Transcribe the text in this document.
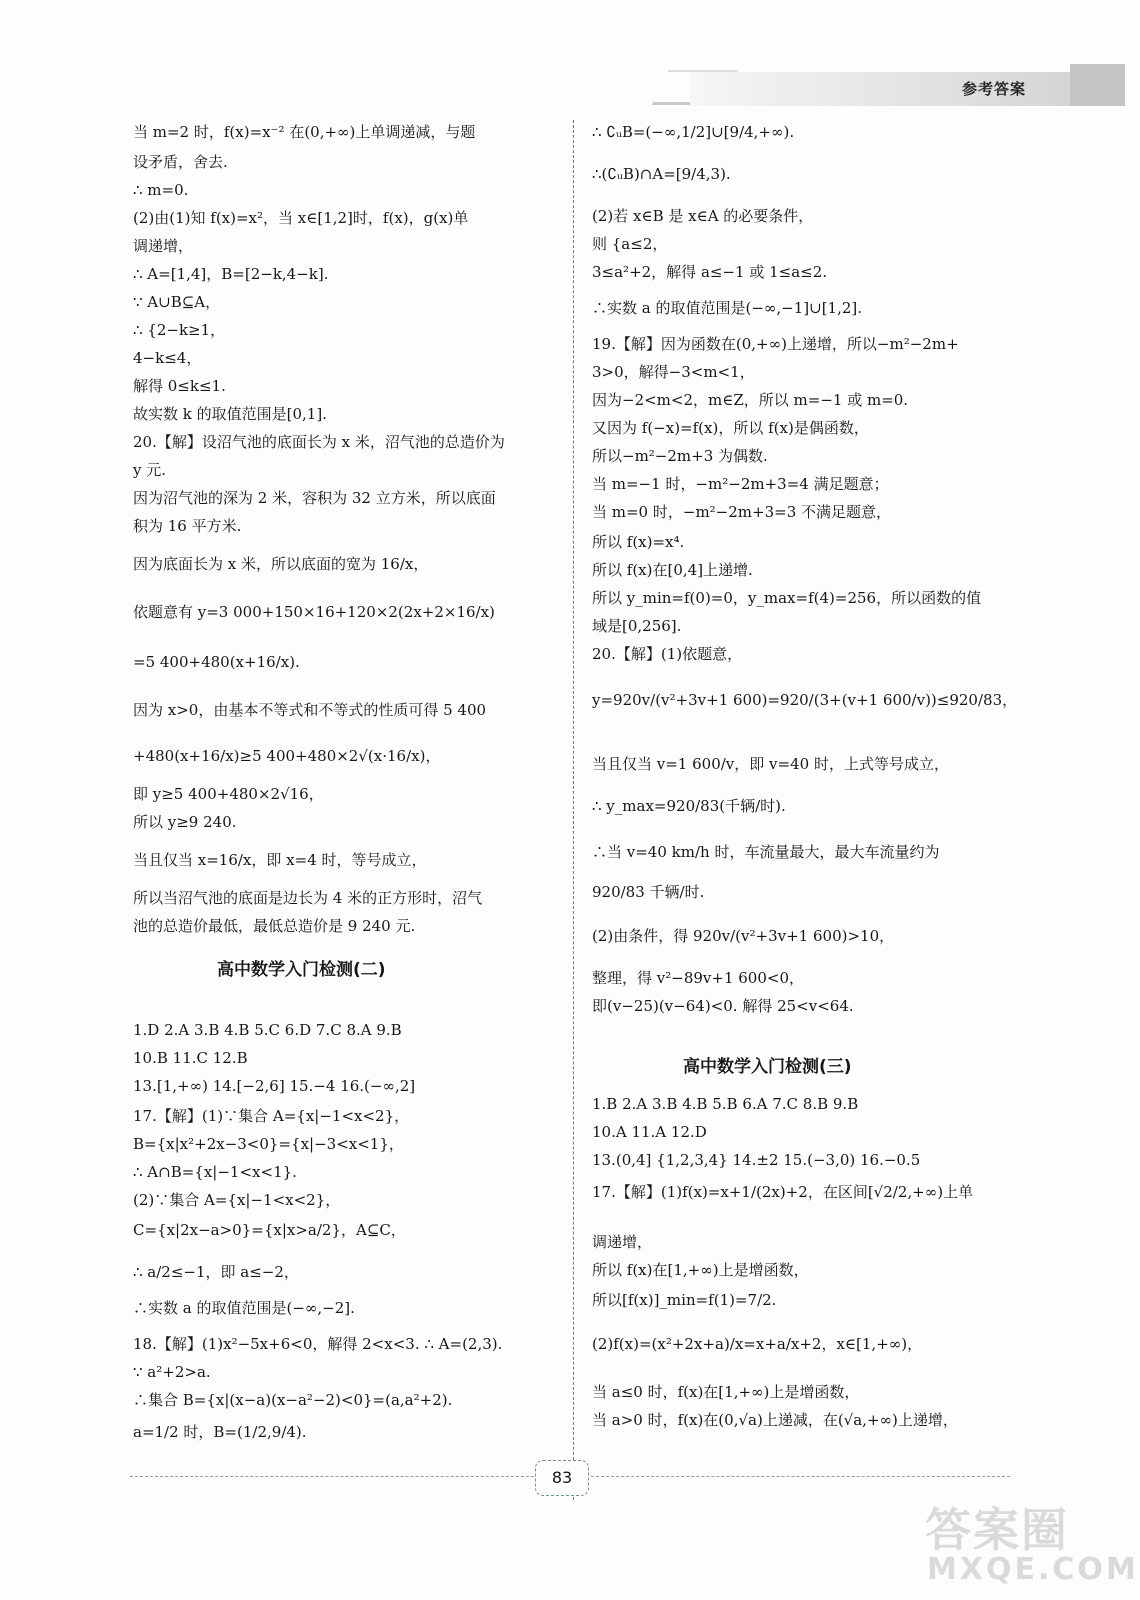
参考答案
当 m=2 时，f(x)=x⁻² 在(0,+∞)上单调递减，与题
设矛盾，舍去.
∴ m=0.
(2)由(1)知 f(x)=x²，当 x∈[1,2]时，f(x)，g(x)单
调递增，
∴ A=[1,4]，B=[2−k,4−k].
∵ A∪B⊆A，
∴ {2−k≥1，
4−k≤4，
解得 0≤k≤1.
故实数 k 的取值范围是[0,1].
20.【解】设沼气池的底面长为 x 米，沼气池的总造价为
y 元.
因为沼气池的深为 2 米，容积为 32 立方米，所以底面
积为 16 平方米.
因为底面长为 x 米，所以底面的宽为 16/x，
依题意有 y=3 000+150×16+120×2(2x+2×16/x)
=5 400+480(x+16/x).
因为 x>0，由基本不等式和不等式的性质可得 5 400
+480(x+16/x)≥5 400+480×2√(x·16/x)，
即 y≥5 400+480×2√16，
所以 y≥9 240.
当且仅当 x=16/x，即 x=4 时，等号成立，
所以当沼气池的底面是边长为 4 米的正方形时，沼气
池的总造价最低，最低总造价是 9 240 元.
1.D 2.A 3.B 4.B 5.C 6.D 7.C 8.A 9.B
10.B 11.C 12.B
13.[1,+∞) 14.[−2,6] 15.−4 16.(−∞,2]
17.【解】(1)∵集合 A={x|−1<x<2}，
B={x|x²+2x−3<0}={x|−3<x<1}，
∴ A∩B={x|−1<x<1}.
(2)∵集合 A={x|−1<x<2}，
C={x|2x−a>0}={x|x>a/2}，A⊆C，
∴ a/2≤−1，即 a≤−2，
∴实数 a 的取值范围是(−∞,−2].
18.【解】(1)x²−5x+6<0，解得 2<x<3. ∴ A=(2,3).
∵ a²+2>a.
∴集合 B={x|(x−a)(x−a²−2)<0}=(a,a²+2).
a=1/2 时，B=(1/2,9/4).
∴ ∁ᵤB=(−∞,1/2]∪[9/4,+∞).
∴(∁ᵤB)∩A=[9/4,3).
(2)若 x∈B 是 x∈A 的必要条件，
则 {a≤2，
3≤a²+2，解得 a≤−1 或 1≤a≤2.
∴实数 a 的取值范围是(−∞,−1]∪[1,2].
19.【解】因为函数在(0,+∞)上递增，所以−m²−2m+
3>0，解得−3<m<1，
因为−2<m<2，m∈Z，所以 m=−1 或 m=0.
又因为 f(−x)=f(x)，所以 f(x)是偶函数，
所以−m²−2m+3 为偶数.
当 m=−1 时，−m²−2m+3=4 满足题意；
当 m=0 时，−m²−2m+3=3 不满足题意，
所以 f(x)=x⁴.
所以 f(x)在[0,4]上递增.
所以 y_min=f(0)=0，y_max=f(4)=256，所以函数的值
域是[0,256].
20.【解】(1)依题意，
y=920v/(v²+3v+1 600)=920/(3+(v+1 600/v))≤920/83，
当且仅当 v=1 600/v，即 v=40 时，上式等号成立，
∴ y_max=920/83(千辆/时).
∴当 v=40 km/h 时，车流量最大，最大车流量约为
920/83 千辆/时.
(2)由条件，得 920v/(v²+3v+1 600)>10，
整理，得 v²−89v+1 600<0，
即(v−25)(v−64)<0. 解得 25<v<64.
1.B 2.A 3.B 4.B 5.B 6.A 7.C 8.B 9.B
10.A 11.A 12.D
13.(0,4] {1,2,3,4} 14.±2 15.(−3,0) 16.−0.5
17.【解】(1)f(x)=x+1/(2x)+2，在区间[√2/2,+∞)上单
调递增，
所以 f(x)在[1,+∞)上是增函数，
所以[f(x)]_min=f(1)=7/2.
(2)f(x)=(x²+2x+a)/x=x+a/x+2，x∈[1,+∞)，
当 a≤0 时，f(x)在[1,+∞)上是增函数，
当 a>0 时，f(x)在(0,√a)上递减，在(√a,+∞)上递增，
83
答案圈
MXQE.COM
高中数学入门检测(二)
高中数学入门检测(三)
